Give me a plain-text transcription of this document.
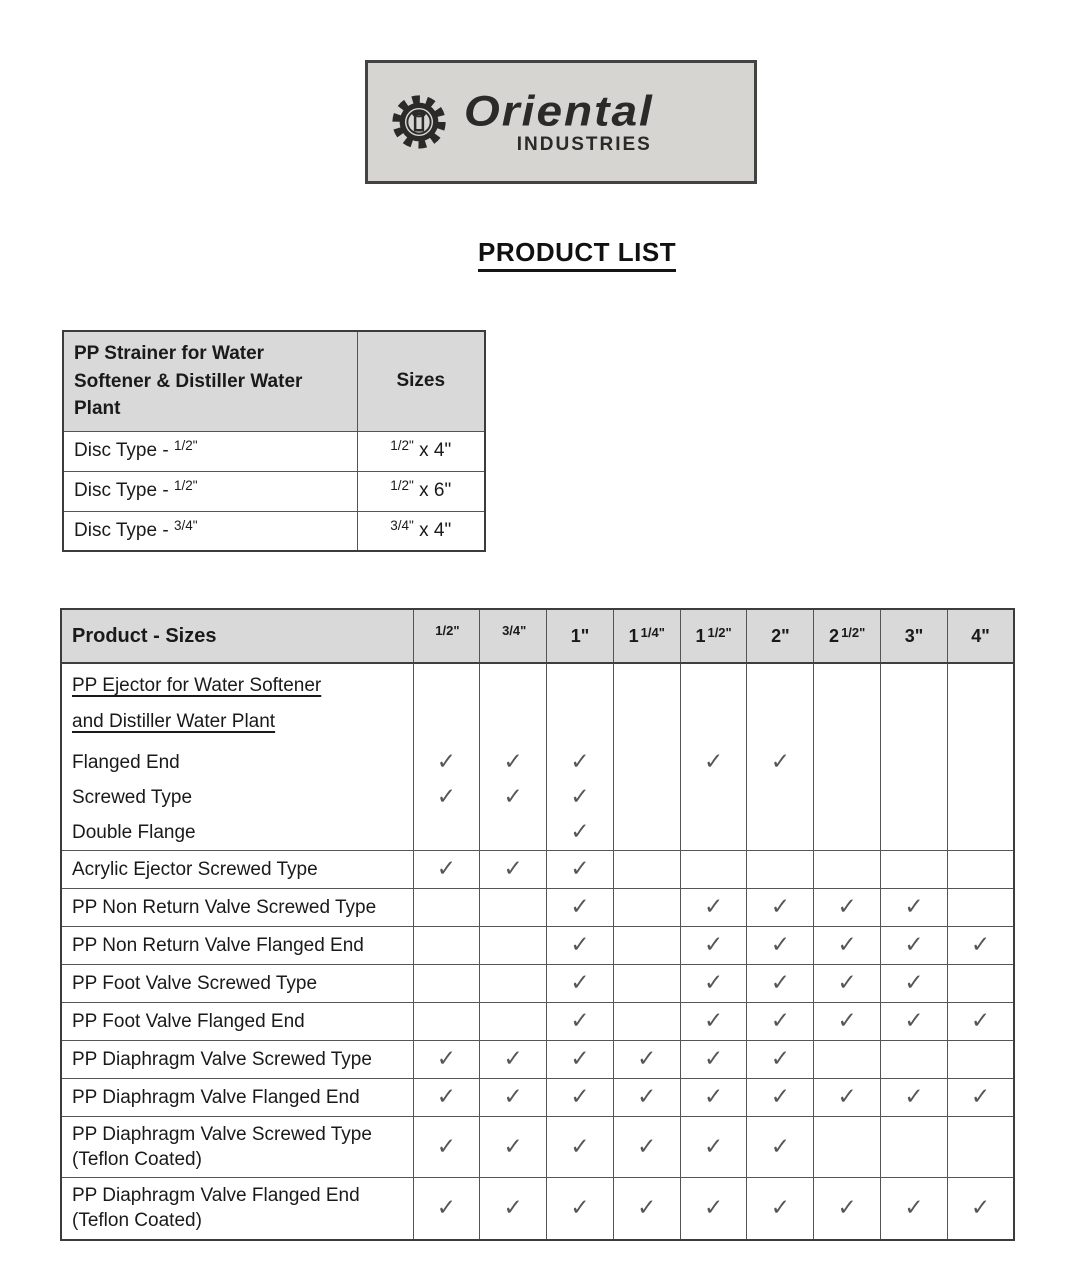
Oriental
INDUSTRIES
PRODUCT LIST
PP Strainer for Water Softener & Distiller Water Plant	Sizes
Disc Type - $^{1/2"}$	$^{1/2"}$ x 4"
Disc Type - $^{1/2"}$	$^{1/2"}$ x 6"
Disc Type - $^{3/4"}$	$^{3/4"}$ x 4"
Product - Sizes	$^{1/2"}$	$^{3/4"}$	1"	1 $^{1/4"}$	1 $^{1/2"}$	2"	2 $^{1/2"}$	3"	4"
PP Ejector for Water Softener
and Distiller Water Plant									
Flanged End	✓	✓	✓		✓	✓			
Screwed Type	✓	✓	✓						
Double Flange			✓						
Acrylic Ejector Screwed Type	✓	✓	✓						
PP Non Return Valve Screwed Type			✓		✓	✓	✓	✓	
PP Non Return Valve Flanged End			✓		✓	✓	✓	✓	✓
PP Foot Valve Screwed Type			✓		✓	✓	✓	✓	
PP Foot Valve Flanged End			✓		✓	✓	✓	✓	✓
PP Diaphragm Valve Screwed Type	✓	✓	✓	✓	✓	✓			
PP Diaphragm Valve Flanged End	✓	✓	✓	✓	✓	✓	✓	✓	✓
PP Diaphragm Valve Screwed Type (Teflon Coated)	✓	✓	✓	✓	✓	✓			
PP Diaphragm Valve Flanged End (Teflon Coated)	✓	✓	✓	✓	✓	✓	✓	✓	✓
